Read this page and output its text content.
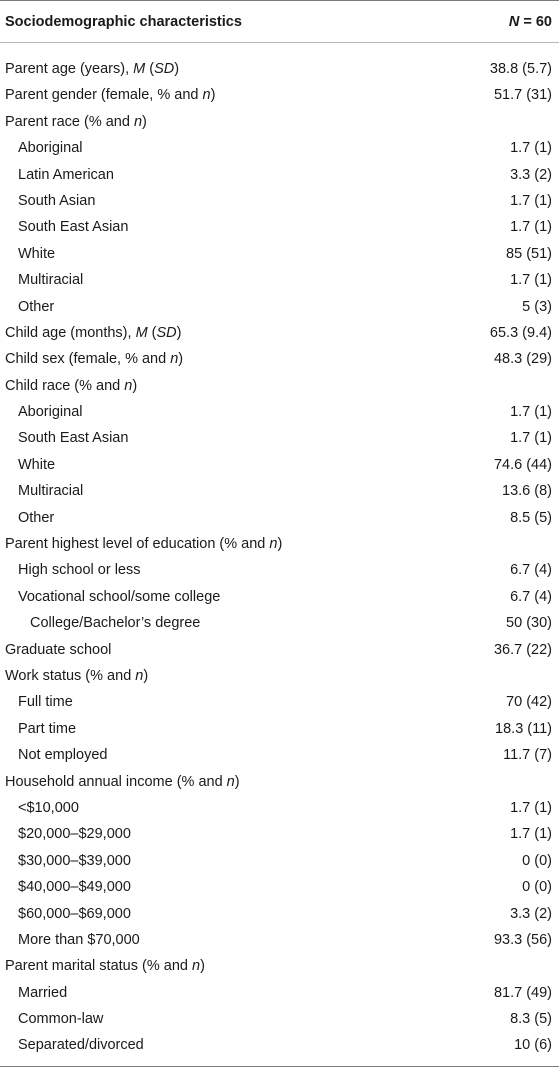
Sociodemographic characteristics	N = 60
Parent age (years), M (SD)	38.8 (5.7)
Parent gender (female, % and n)	51.7 (31)
Parent race (% and n)
Aboriginal	1.7 (1)
Latin American	3.3 (2)
South Asian	1.7 (1)
South East Asian	1.7 (1)
White	85 (51)
Multiracial	1.7 (1)
Other	5 (3)
Child age (months), M (SD)	65.3 (9.4)
Child sex (female, % and n)	48.3 (29)
Child race (% and n)
Aboriginal	1.7 (1)
South East Asian	1.7 (1)
White	74.6 (44)
Multiracial	13.6 (8)
Other	8.5 (5)
Parent highest level of education (% and n)
High school or less	6.7 (4)
Vocational school/some college	6.7 (4)
College/Bachelor’s degree	50 (30)
Graduate school	36.7 (22)
Work status (% and n)
Full time	70 (42)
Part time	18.3 (11)
Not employed	11.7 (7)
Household annual income (% and n)
<$10,000	1.7 (1)
$20,000–$29,000	1.7 (1)
$30,000–$39,000	0 (0)
$40,000–$49,000	0 (0)
$60,000–$69,000	3.3 (2)
More than $70,000	93.3 (56)
Parent marital status (% and n)
Married	81.7 (49)
Common-law	8.3 (5)
Separated/divorced	10 (6)
